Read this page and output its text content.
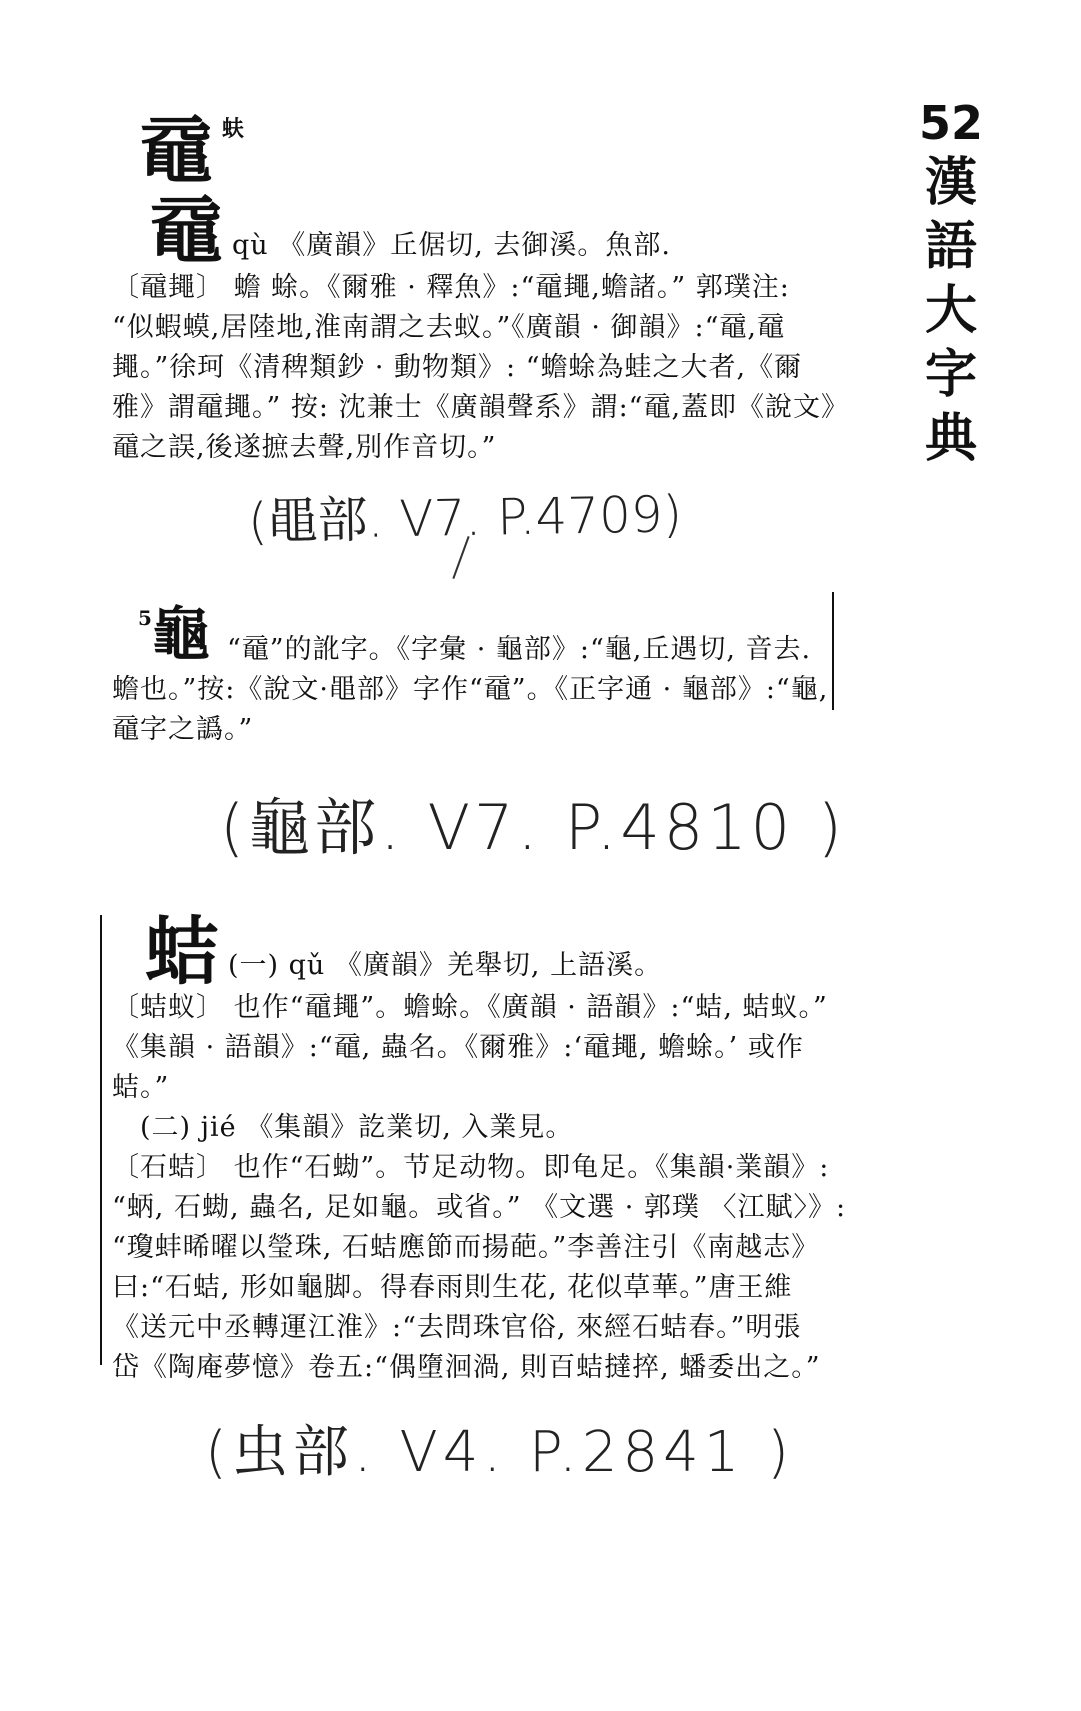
52
漢
語
大
字
典
黿 蚨
黿 qù 《廣韻》丘倨切, 去御溪。魚部.
〔黿䵷〕 蟾 蜍。《爾雅 · 釋魚》:“黿䵷,蟾諸。” 郭璞注:
“似蝦蟆,居陸地,淮南謂之去蚁。”《廣韻 · 御韻》:“黿,黿
䵷。”徐珂《清稗類鈔 · 動物類》: “蟾蜍為蛙之大者,《爾
雅》謂黿䵷。” 按: 沈兼士《廣韻聲系》謂:“黿,蓋即《說文》
黿之誤,後遂摭去聲,別作音切。”
(黽部. V7. P.4709)
5 龜 “黿”的訛字。《字彙 · 龜部》:“龜,丘遇切, 音去.
蟾也。”按:《說文·黽部》字作“黿”。《正字通 · 龜部》:“龜,
黿字之譌。”
(龜部. V7. P.4810 )
蛣 (一) qǔ 《廣韻》羌舉切, 上語溪。
〔蛣蚁〕 也作“黿䵷”。蟾蜍。《廣韻 · 語韻》:“蛣, 蛣蚁。”
《集韻 · 語韻》:“黿, 蟲名。《爾雅》:‘黿䵷, 蟾蜍。’ 或作
蛣。”
(二) jié 《集韻》訖業切, 入業見。
〔石蛣〕 也作“石蜐”。节足动物。即龟足。《集韻·業韻》:
“蛃, 石蜐, 蟲名, 足如龜。或省。” 《文選 · 郭璞 〈江賦〉》:
“瓊蚌晞曜以瑩珠, 石蛣應節而揚葩。”李善注引《南越志》
曰:“石蛣, 形如龜脚。得春雨則生花, 花似草華。”唐王維
《送元中丞轉運江淮》:“去問珠官俗, 來經石蛣春。”明張
岱《陶庵夢憶》卷五:“偶墮洄渦, 則百蛣撻捽, 蟠委出之。”
(虫部. V4. P.2841 )
